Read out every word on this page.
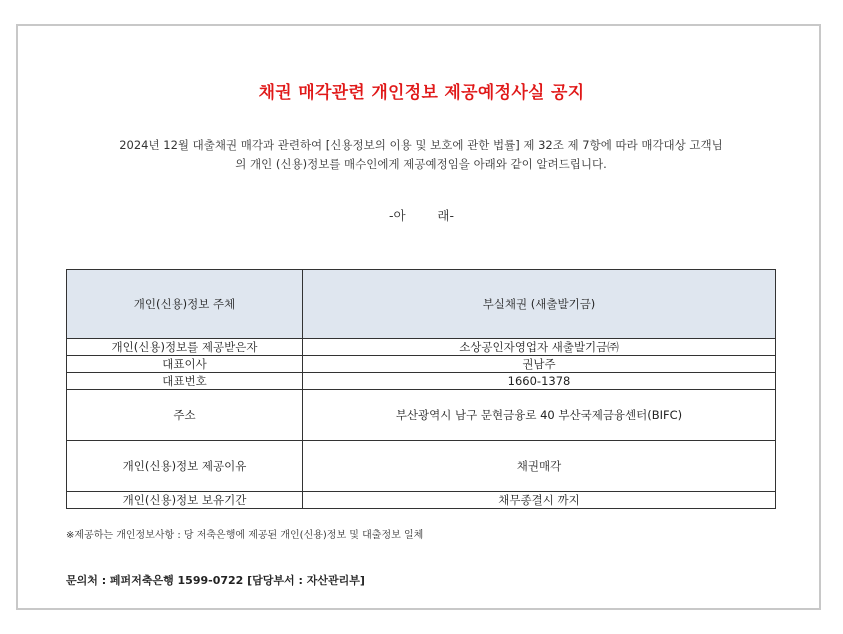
채권 매각관련 개인정보 제공예정사실 공지
2024년 12월 대출채권 매각과 관련하여 [신용정보의 이용 및 보호에 관한 법률] 제 32조 제 7항에 따라 매각대상 고객님
의 개인 (신용)정보를 매수인에게 제공예정임을 아래와 같이 알려드립니다.
-아        래-
개인(신용)정보 주체	부실채권 (새출발기금)
개인(신용)정보를 제공받은자	소상공인자영업자 새출발기금㈜
대표이사	권남주
대표번호	1660-1378
주소	부산광역시 남구 문현금융로 40 부산국제금융센터(BIFC)
개인(신용)정보 제공이유	채권매각
개인(신용)정보 보유기간	채무종결시 까지
※제공하는 개인정보사항 : 당 저축은행에 제공된 개인(신용)정보 및 대출정보 일체
문의처 : 페퍼저축은행 1599-0722 [담당부서 : 자산관리부]
